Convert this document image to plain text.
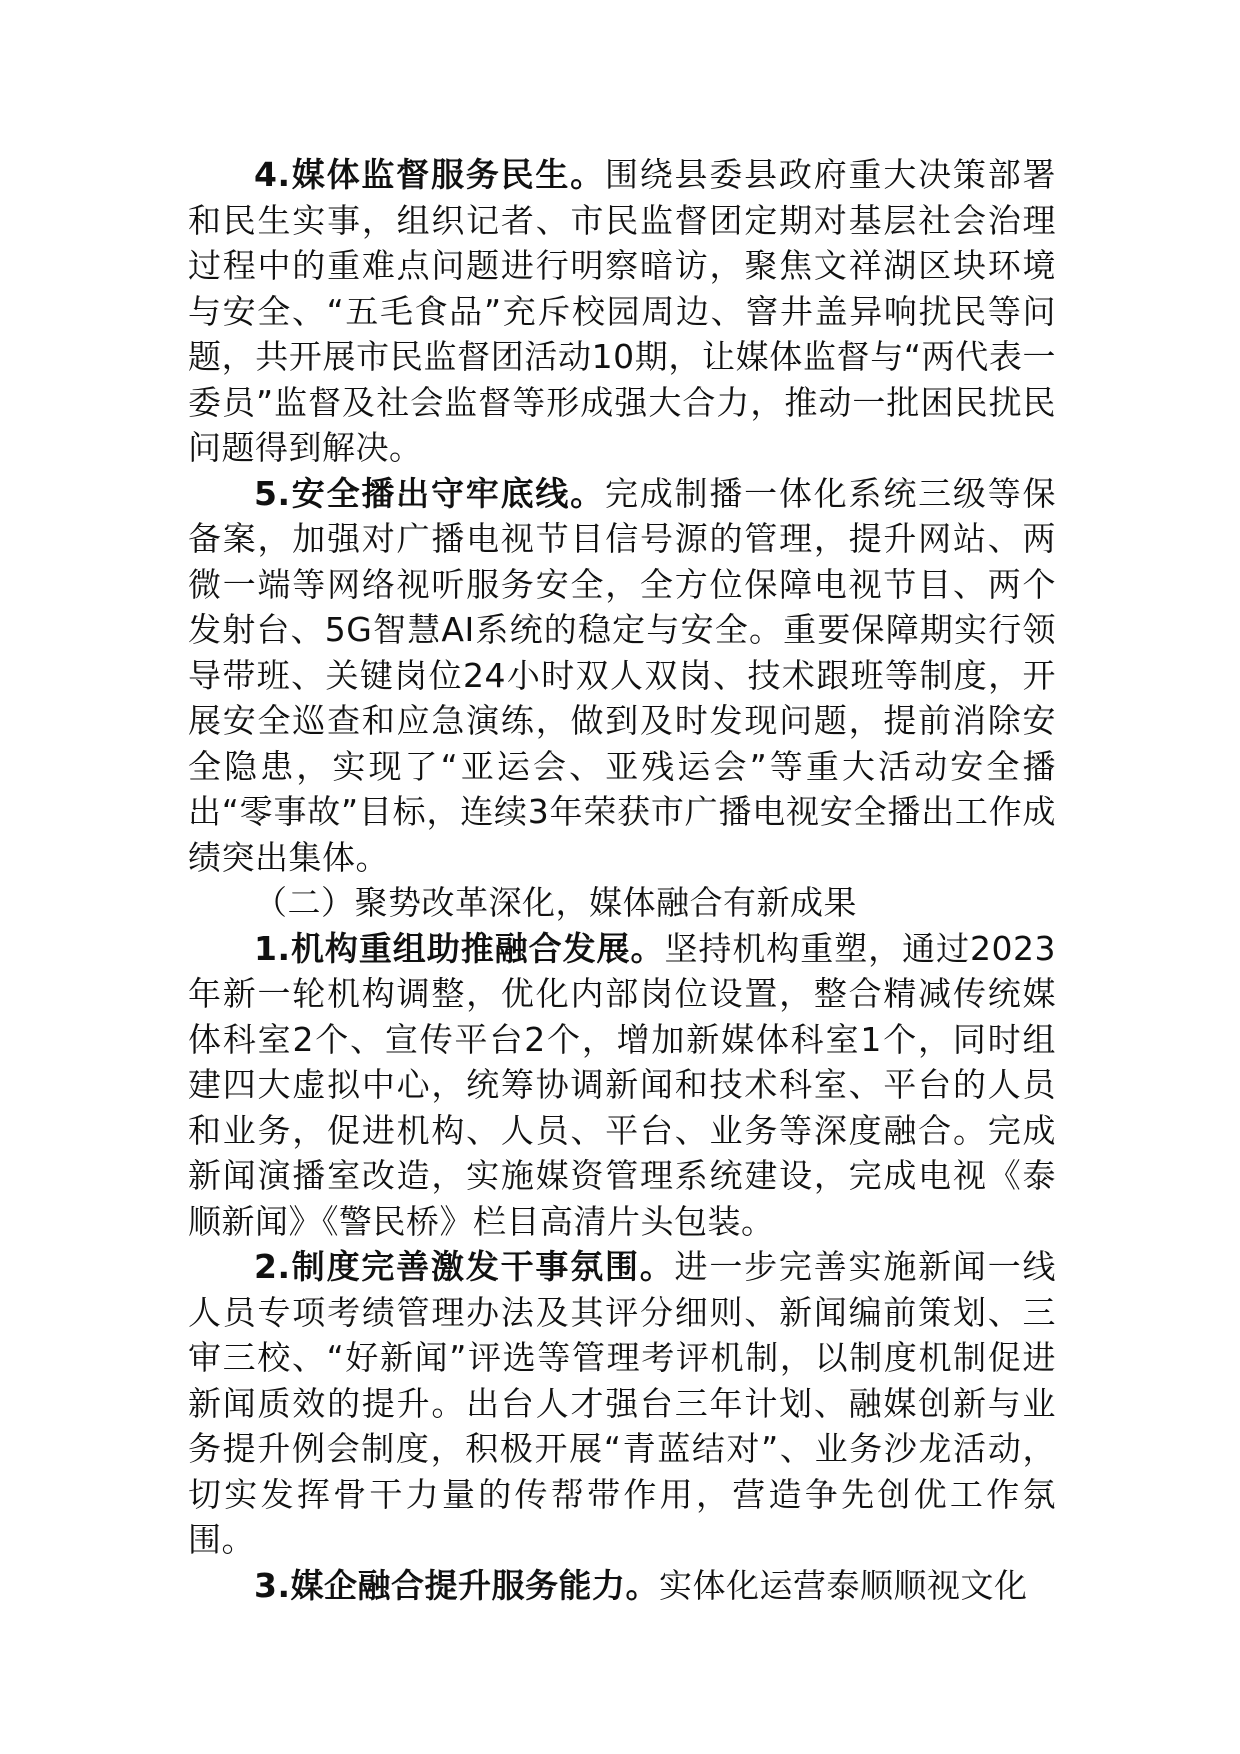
4.媒体监督服务民生。围绕县委县政府重大决策部署和民生实事，组织记者、市民监督团定期对基层社会治理过程中的重难点问题进行明察暗访，聚焦文祥湖区块环境与安全、“五毛食品”充斥校园周边、窨井盖异响扰民等问题，共开展市民监督团活动10期，让媒体监督与“两代表一委员”监督及社会监督等形成强大合力，推动一批困民扰民问题得到解决。

5.安全播出守牢底线。完成制播一体化系统三级等保备案，加强对广播电视节目信号源的管理，提升网站、两微一端等网络视听服务安全，全方位保障电视节目、两个发射台、5G智慧AI系统的稳定与安全。重要保障期实行领导带班、关键岗位24小时双人双岗、技术跟班等制度，开展安全巡查和应急演练，做到及时发现问题，提前消除安全隐患，实现了“亚运会、亚残运会”等重大活动安全播出“零事故”目标，连续3年荣获市广播电视安全播出工作成绩突出集体。

（二）聚势改革深化，媒体融合有新成果

1.机构重组助推融合发展。坚持机构重塑，通过2023年新一轮机构调整，优化内部岗位设置，整合精减传统媒体科室2个、宣传平台2个，增加新媒体科室1个，同时组建四大虚拟中心，统筹协调新闻和技术科室、平台的人员和业务，促进机构、人员、平台、业务等深度融合。完成新闻演播室改造，实施媒资管理系统建设，完成电视《泰顺新闻》《警民桥》栏目高清片头包装。

2.制度完善激发干事氛围。进一步完善实施新闻一线人员专项考绩管理办法及其评分细则、新闻编前策划、三审三校、“好新闻”评选等管理考评机制，以制度机制促进新闻质效的提升。出台人才强台三年计划、融媒创新与业务提升例会制度，积极开展“青蓝结对”、业务沙龙活动，切实发挥骨干力量的传帮带作用，营造争先创优工作氛围。

3.媒企融合提升服务能力。实体化运营泰顺顺视文化
